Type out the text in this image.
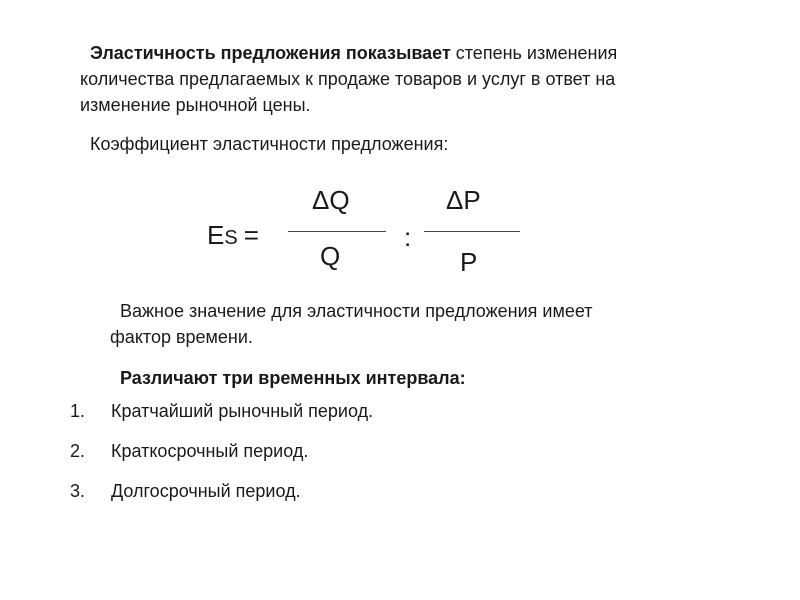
Эластичность предложения показывает степень изменения
количества предлагаемых к продаже товаров и услуг в ответ на
изменение рыночной цены.

Коэффициент эластичности предложения:

ES =
ΔQ
Q
:
ΔP
P

Важное значение для эластичности предложения имеет
фактор времени.

Различают три временных интервала:

1. Кратчайший рыночный период.
2. Краткосрочный период.
3. Долгосрочный период.
